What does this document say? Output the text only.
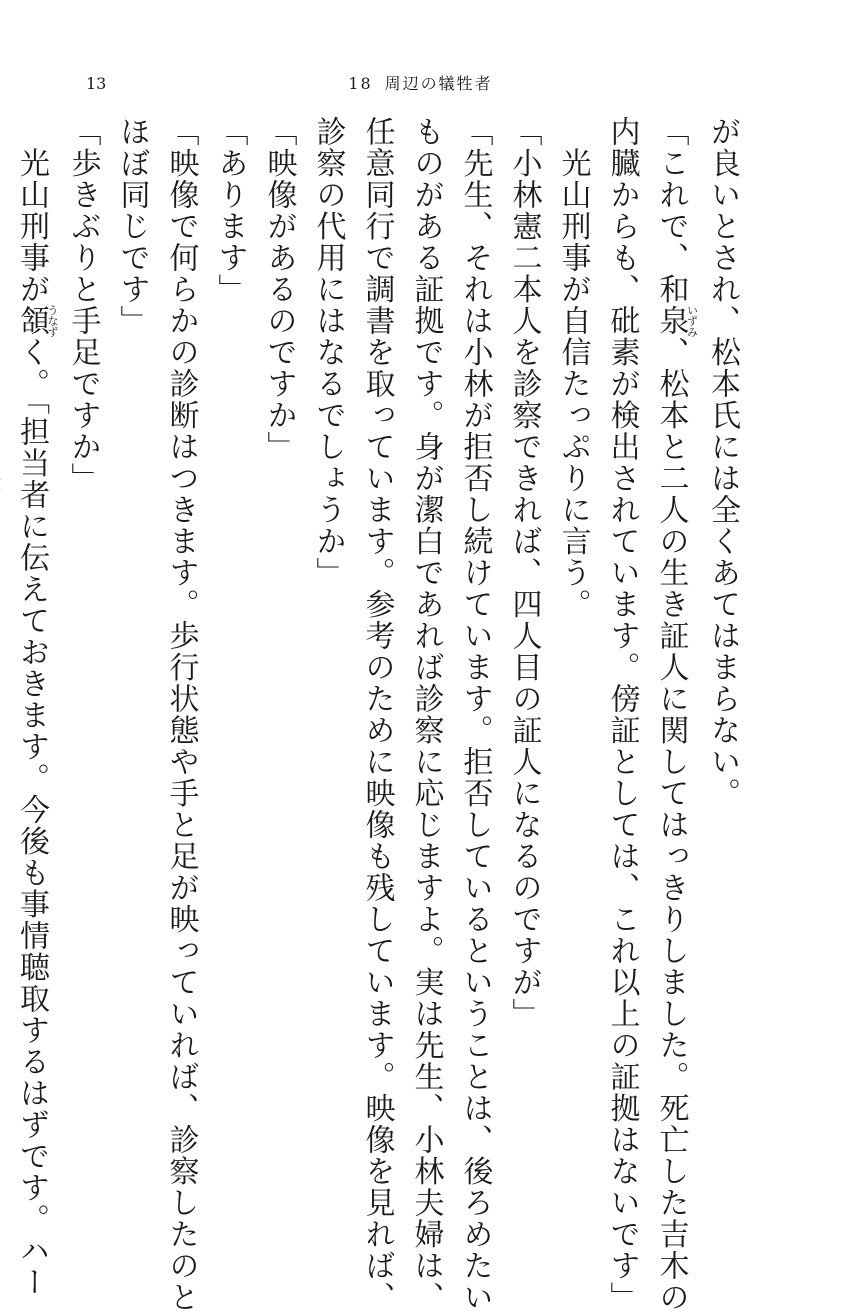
13	18 周辺の犠牲者
が良いとされ、松本氏には全くあてはまらない。
「これで、和泉いずみ、松本と二人の生き証人に関してはっきりしました。死亡した吉木の
内臓からも、砒素が検出されています。傍証としては、これ以上の証拠はないです」
　光山刑事が自信たっぷりに言う。
「小林憲二本人を診察できれば、四人目の証人になるのですが」
「先生、それは小林が拒否し続けています。拒否しているということは、後ろめたい
ものがある証拠です。身が潔白であれば診察に応じますよ。実は先生、小林夫婦は、
任意同行で調書を取っています。参考のために映像も残しています。映像を見れば、
診察の代用にはなるでしょうか」
「映像があるのですか」
「あります」
「映像で何らかの診断はつきます。歩行状態や手と足が映っていれば、診察したのと
ほぼ同じです」
「歩きぶりと手足ですか」
　光山刑事が頷うなずく。「担当者に伝えておきます。今後も事情聴取するはずです。ハー
